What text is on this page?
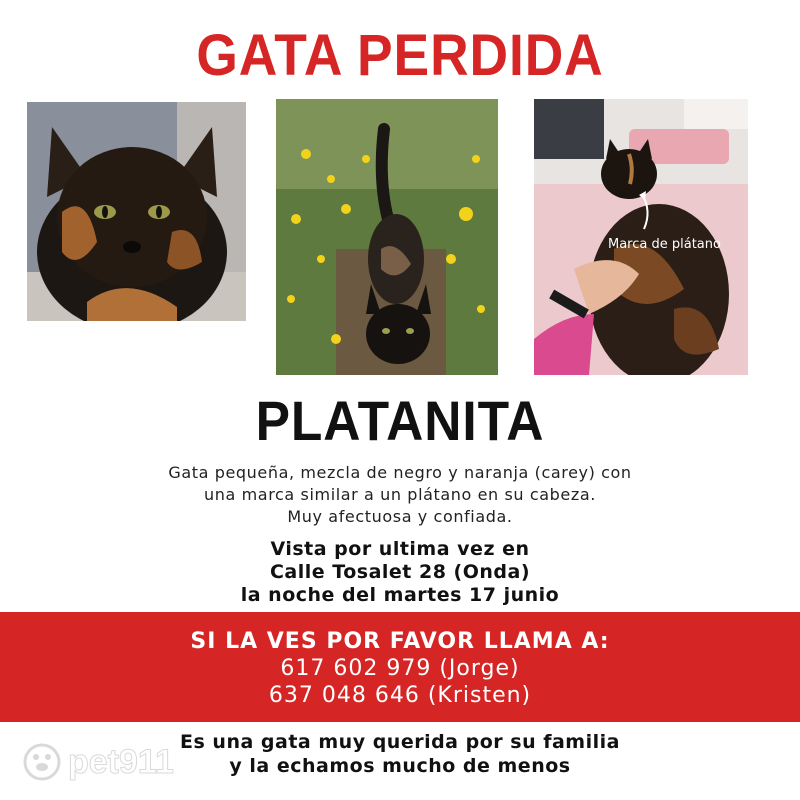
GATA PERDIDA
Marca de plátano
PLATANITA
Gata pequeña, mezcla de negro y naranja (carey) con
una marca similar a un plátano en su cabeza.
Muy afectuosa y confiada.
Vista por ultima vez en
Calle Tosalet 28 (Onda)
la noche del martes 17 junio
SI LA VES POR FAVOR LLAMA A:
617 602 979 (Jorge)
637 048 646 (Kristen)
Es una gata muy querida por su familia
y la echamos mucho de menos
pet911
